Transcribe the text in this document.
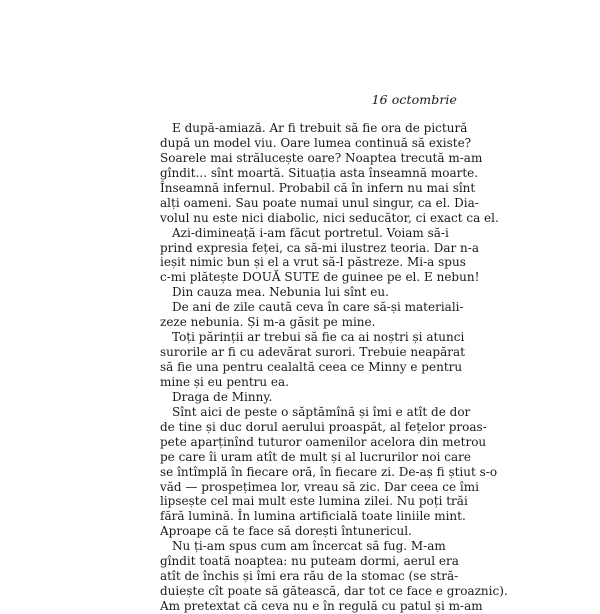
16 octombrie

E după-amiază. Ar fi trebuit să fie ora de pictură
după un model viu. Oare lumea continuă să existe?
Soarele mai strălucește oare? Noaptea trecută m-am
gîndit... sînt moartă. Situația asta înseamnă moarte.
Înseamnă infernul. Probabil că în infern nu mai sînt
alți oameni. Sau poate numai unul singur, ca el. Dia-
volul nu este nici diabolic, nici seducător, ci exact ca el.
Azi-dimineață i-am făcut portretul. Voiam să-i
prind expresia feței, ca să-mi ilustrez teoria. Dar n-a
ieșit nimic bun și el a vrut să-l păstreze. Mi-a spus
c-mi plătește DOUĂ SUTE de guinee pe el. E nebun!
Din cauza mea. Nebunia lui sînt eu.
De ani de zile caută ceva în care să-și materiali-
zeze nebunia. Și m-a găsit pe mine.
Toți părinții ar trebui să fie ca ai noștri și atunci
surorile ar fi cu adevărat surori. Trebuie neapărat
să fie una pentru cealaltă ceea ce Minny e pentru
mine și eu pentru ea.
Draga de Minny.
Sînt aici de peste o săptămînă și îmi e atît de dor
de tine și duc dorul aerului proaspăt, al fețelor proas-
pete aparținînd tuturor oamenilor acelora din metrou
pe care îi uram atît de mult și al lucrurilor noi care
se întîmplă în fiecare oră, în fiecare zi. De-aș fi știut s-o
văd — prospețimea lor, vreau să zic. Dar ceea ce îmi
lipsește cel mai mult este lumina zilei. Nu poți trăi
fără lumină. În lumina artificială toate liniile mint.
Aproape că te face să dorești întunericul.
Nu ți-am spus cum am încercat să fug. M-am
gîndit toată noaptea: nu puteam dormi, aerul era
atît de închis și îmi era rău de la stomac (se stră-
duiește cît poate să gătească, dar tot ce face e groaznic).
Am pretextat că ceva nu e în regulă cu patul și m-am
